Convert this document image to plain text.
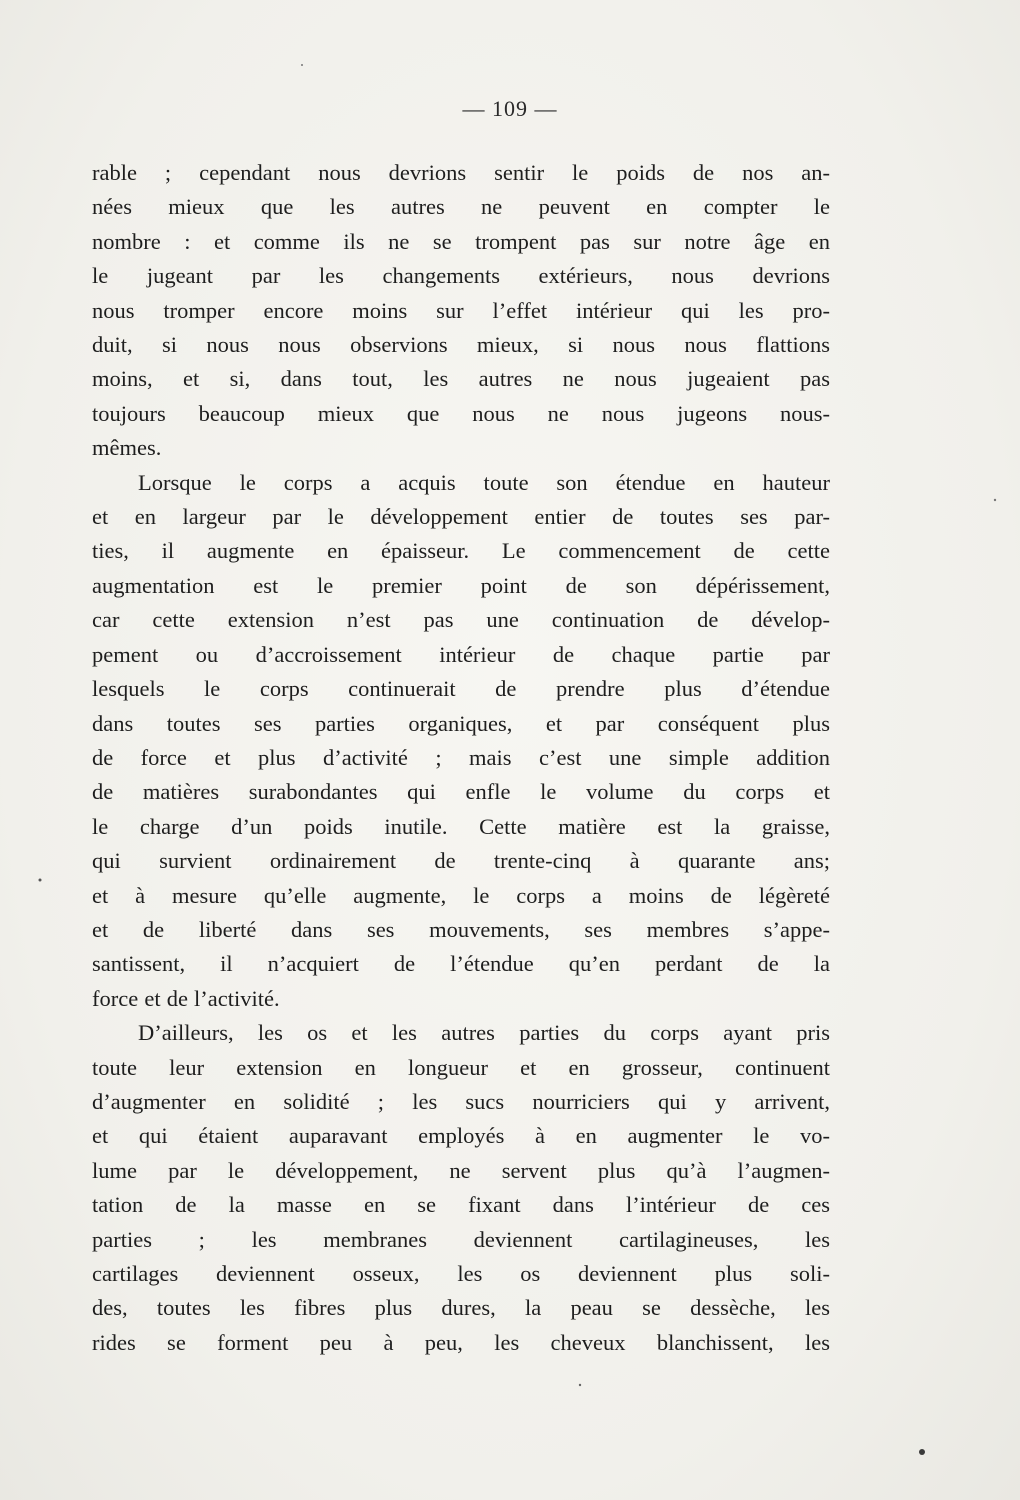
— 109 —

rable ; cependant nous devrions sentir le poids de nos an-
nées mieux que les autres ne peuvent en compter le
nombre : et comme ils ne se trompent pas sur notre âge en
le jugeant par les changements extérieurs, nous devrions
nous tromper encore moins sur l’effet intérieur qui les pro-
duit, si nous nous observions mieux, si nous nous flattions
moins, et si, dans tout, les autres ne nous jugeaient pas
toujours beaucoup mieux que nous ne nous jugeons nous-
mêmes.

Lorsque le corps a acquis toute son étendue en hauteur
et en largeur par le développement entier de toutes ses par-
ties, il augmente en épaisseur. Le commencement de cette
augmentation est le premier point de son dépérissement,
car cette extension n’est pas une continuation de dévelop-
pement ou d’accroissement intérieur de chaque partie par
lesquels le corps continuerait de prendre plus d’étendue
dans toutes ses parties organiques, et par conséquent plus
de force et plus d’activité ; mais c’est une simple addition
de matières surabondantes qui enfle le volume du corps et
le charge d’un poids inutile. Cette matière est la graisse,
qui survient ordinairement de trente-cinq à quarante ans;
et à mesure qu’elle augmente, le corps a moins de légèreté
et de liberté dans ses mouvements, ses membres s’appe-
santissent, il n’acquiert de l’étendue qu’en perdant de la
force et de l’activité.

D’ailleurs, les os et les autres parties du corps ayant pris
toute leur extension en longueur et en grosseur, continuent
d’augmenter en solidité ; les sucs nourriciers qui y arrivent,
et qui étaient auparavant employés à en augmenter le vo-
lume par le développement, ne servent plus qu’à l’augmen-
tation de la masse en se fixant dans l’intérieur de ces
parties ; les membranes deviennent cartilagineuses, les
cartilages deviennent osseux, les os deviennent plus soli-
des, toutes les fibres plus dures, la peau se dessèche, les
rides se forment peu à peu, les cheveux blanchissent, les
